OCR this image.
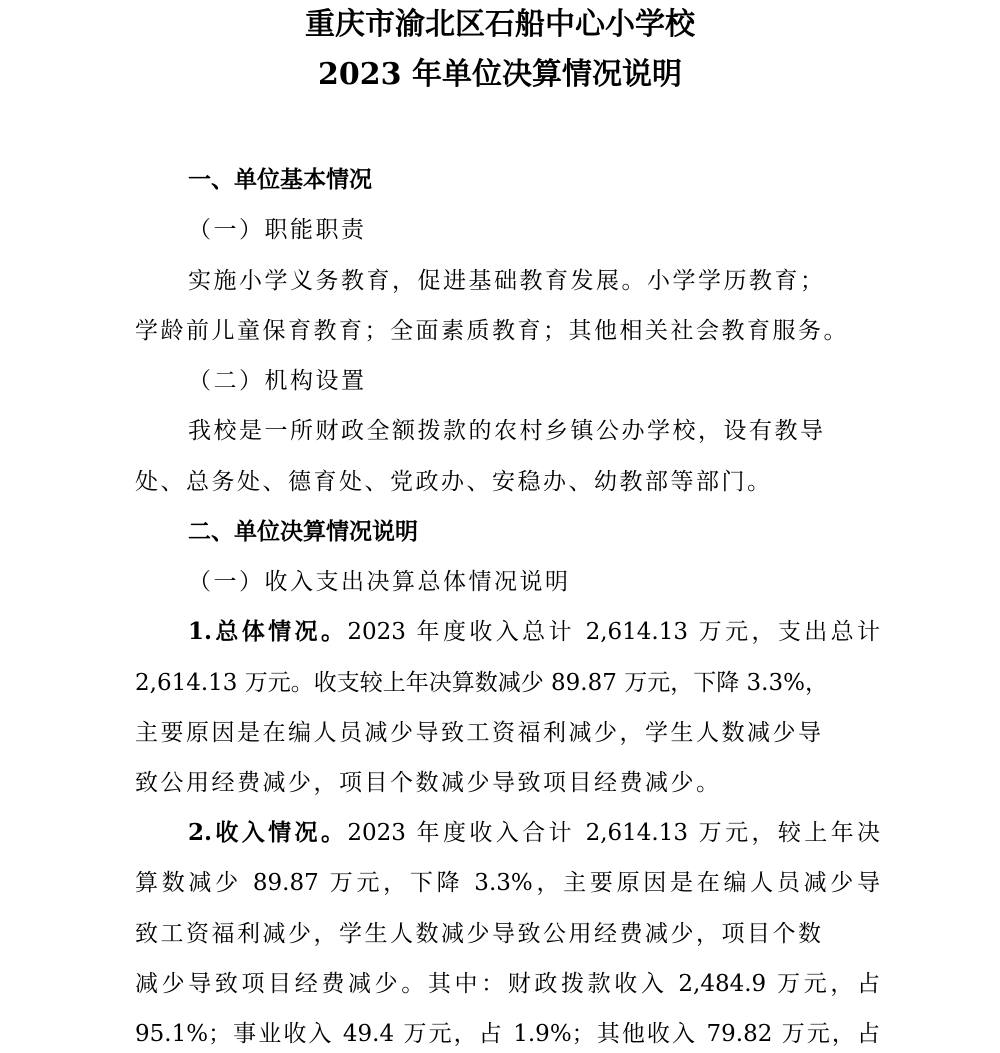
重庆市渝北区石船中心小学校
2023 年单位决算情况说明
一、单位基本情况
（一）职能职责
实施小学义务教育，促进基础教育发展。小学学历教育；
学龄前儿童保育教育；全面素质教育；其他相关社会教育服务。
（二）机构设置
我校是一所财政全额拨款的农村乡镇公办学校，设有教导
处、总务处、德育处、党政办、安稳办、幼教部等部门。
二、单位决算情况说明
（一）收入支出决算总体情况说明
1.总体情况。2023 年度收入总计 2,614.13 万元，支出总计
2,614.13 万元。收支较上年决算数减少 89.87 万元，下降 3.3%，
主要原因是在编人员减少导致工资福利减少，学生人数减少导
致公用经费减少，项目个数减少导致项目经费减少。
2.收入情况。2023 年度收入合计 2,614.13 万元，较上年决
算数减少 89.87 万元，下降 3.3%，主要原因是在编人员减少导
致工资福利减少，学生人数减少导致公用经费减少，项目个数
减少导致项目经费减少。其中：财政拨款收入 2,484.9 万元，占
95.1%；事业收入 49.4 万元，占 1.9%；其他收入 79.82 万元，占
